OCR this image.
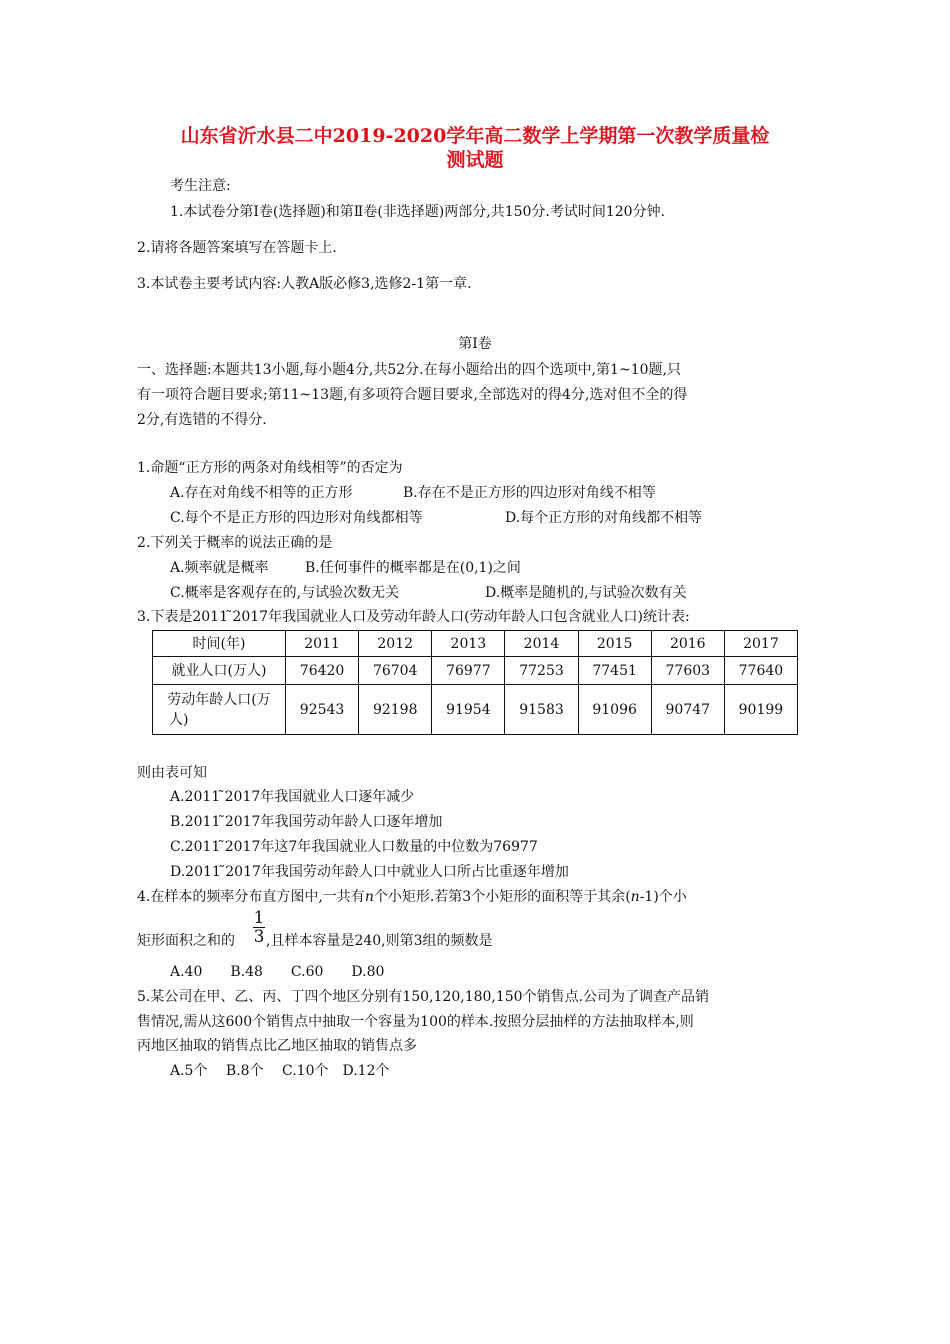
山东省沂水县二中2019-2020学年高二数学上学期第一次教学质量检
测试题
考生注意:
1.本试卷分第Ⅰ卷(选择题)和第Ⅱ卷(非选择题)两部分,共150分.考试时间120分钟.
2.请将各题答案填写在答题卡上.
3.本试卷主要考试内容:人教A版必修3,选修2-1第一章.
第Ⅰ卷
一、选择题:本题共13小题,每小题4分,共52分.在每小题给出的四个选项中,第1~10题,只
有一项符合题目要求;第11~13题,有多项符合题目要求,全部选对的得4分,选对但不全的得
2分,有选错的不得分.
1.命题“正方形的两条对角线相等”的否定为
A.存在对角线不相等的正方形	B.存在不是正方形的四边形对角线不相等
C.每个不是正方形的四边形对角线都相等	D.每个正方形的对角线都不相等
2.下列关于概率的说法正确的是
A.频率就是概率	B.任何事件的概率都是在(0,1)之间
C.概率是客观存在的,与试验次数无关	D.概率是随机的,与试验次数有关
3.下表是2011 ̃2017年我国就业人口及劳动年龄人口(劳动年龄人口包含就业人口)统计表:
时间(年)	2011	2012	2013	2014	2015	2016	2017
就业人口(万人)	76420	76704	76977	77253	77451	77603	77640

劳动年龄人口(万
人)	92543	92198	91954	91583	91096	90747	90199
则由表可知
A.2011 ̃2017年我国就业人口逐年减少
B.2011 ̃2017年我国劳动年龄人口逐年增加
C.2011 ̃2017年这7年我国就业人口数量的中位数为76977
D.2011 ̃2017年我国劳动年龄人口中就业人口所占比重逐年增加
4.在样本的频率分布直方图中,一共有n个小矩形.若第3个小矩形的面积等于其余(n-1)个小
1
3
矩形面积之和的 ,且样本容量是240,则第3组的频数是
A.40　　B.48　　C.60　　D.80
5.某公司在甲、乙、丙、丁四个地区分别有150,120,180,150个销售点.公司为了调查产品销
售情况,需从这600个销售点中抽取一个容量为100的样本.按照分层抽样的方法抽取样本,则
丙地区抽取的销售点比乙地区抽取的销售点多
A.5个　 B.8个　 C.10个　D.12个
